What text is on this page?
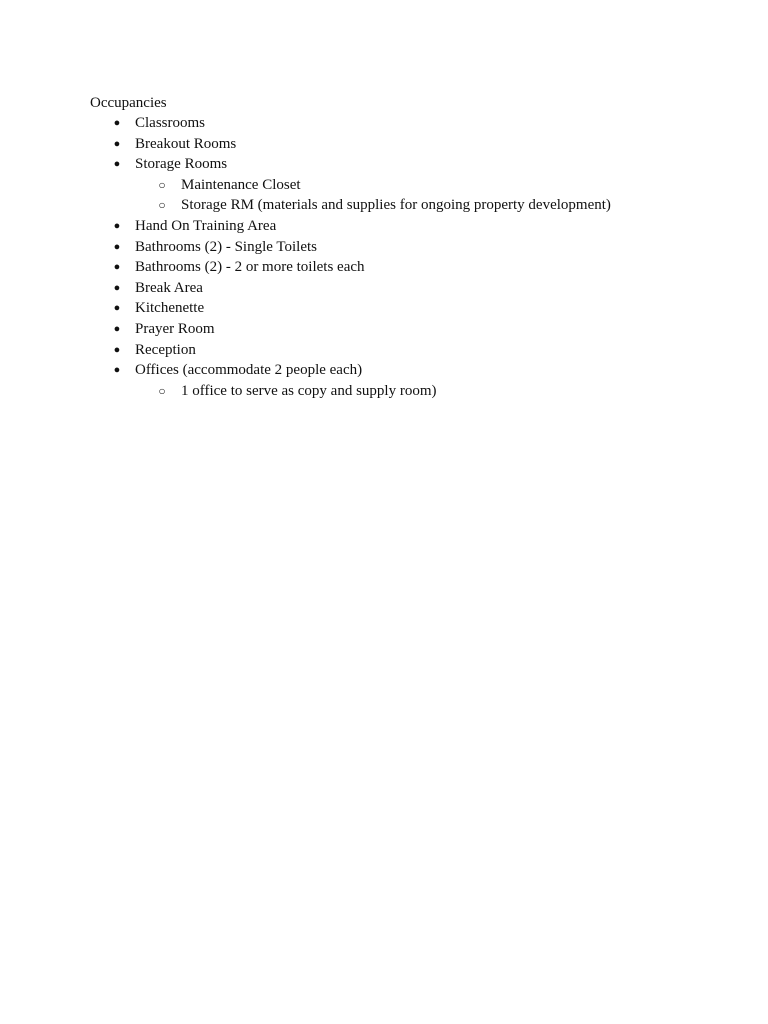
Occupancies
● Classrooms
● Breakout Rooms
● Storage Rooms
○	Maintenance Closet
○	Storage RM (materials and supplies for ongoing property development)
● Hand On Training Area
● Bathrooms (2) - Single Toilets
● Bathrooms (2) - 2 or more toilets each
● Break Area
● Kitchenette
● Prayer Room
● Reception
● Offices (accommodate 2 people each)
○	1 office to serve as copy and supply room)
